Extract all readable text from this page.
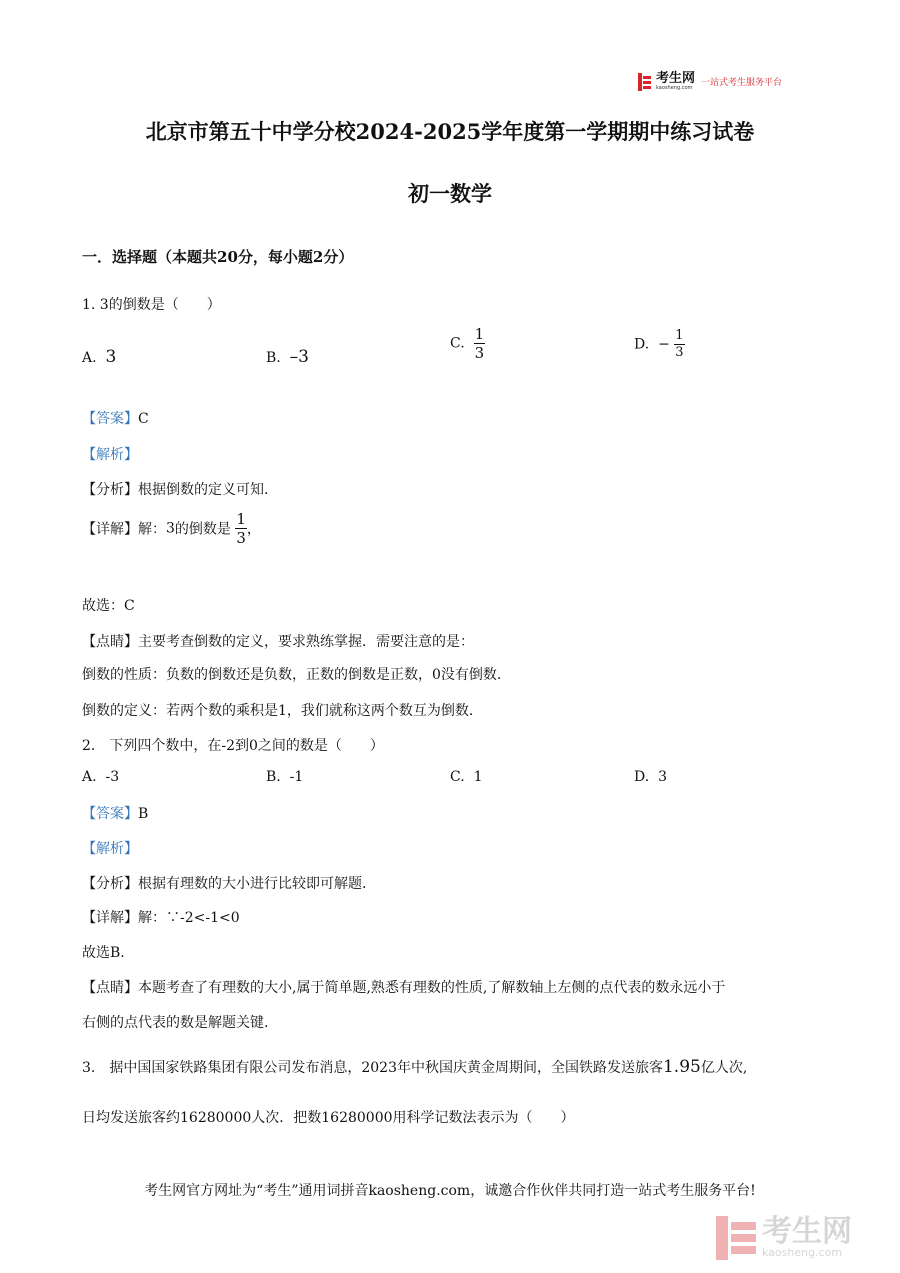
考生网
kaosheng.com 一站式考生服务平台
北京市第五十中学分校2024-2025学年度第一学期期中练习试卷
初一数学
一．选择题（本题共20分，每小题2分）
1. 3的倒数是（　　）
A. 3	B. –3
C. $\frac{1}{3}$	D. − $\frac{1}{3}$
【答案】C
【解析】
【分析】根据倒数的定义可知.
【详解】解：3的倒数是 $\frac{1}{3}$ ，
故选：C
【点睛】主要考查倒数的定义，要求熟练掌握．需要注意的是：
倒数的性质：负数的倒数还是负数，正数的倒数是正数，0没有倒数.
倒数的定义：若两个数的乘积是1，我们就称这两个数互为倒数.
2.　下列四个数中，在-2到0之间的数是（　　）
A. -3	B. -1	C. 1	D. 3
【答案】B
【解析】
【分析】根据有理数的大小进行比较即可解题.
【详解】解：∵-2<-1<0
故选B.
【点睛】本题考查了有理数的大小,属于简单题,熟悉有理数的性质,了解数轴上左侧的点代表的数永远小于
右侧的点代表的数是解题关键.
3.　据中国国家铁路集团有限公司发布消息，2023年中秋国庆黄金周期间，全国铁路发送旅客1.95亿人次,
日均发送旅客约16280000人次．把数16280000用科学记数法表示为（　　）
考生网官方网址为“考生”通用词拼音kaosheng.com，诚邀合作伙伴共同打造一站式考生服务平台!
考生网
kaosheng.com
